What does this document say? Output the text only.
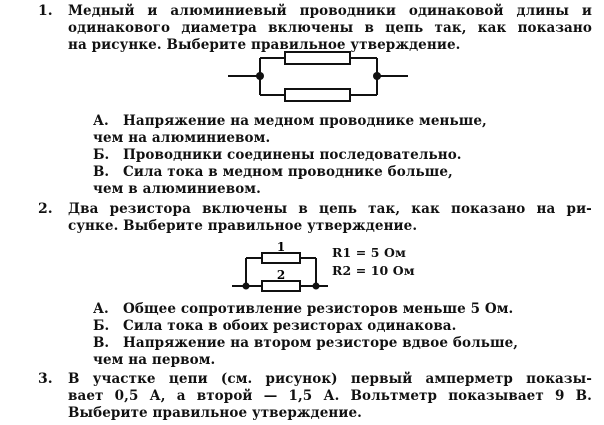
1. Медный и алюминиевый проводники одинаковой длины и
одинакового диаметра включены в цепь так, как показано
на рисунке. Выберите правильное утверждение.
А. Напряжение на медном проводнике меньше,
чем на алюминиевом.
Б. Проводники соединены последовательно.
В. Сила тока в медном проводнике больше,
чем в алюминиевом.
2. Два резистора включены в цепь так, как показано на ри-
сунке. Выберите правильное утверждение.
1
2
R1 = 5 Ом
R2 = 10 Ом
А. Общее сопротивление резисторов меньше 5 Ом.
Б. Сила тока в обоих резисторах одинакова.
В. Напряжение на втором резисторе вдвое больше,
чем на первом.
3. В участке цепи (см. рисунок) первый амперметр показы-
вает 0,5 А, а второй — 1,5 А. Вольтметр показывает 9 В.
Выберите правильное утверждение.
